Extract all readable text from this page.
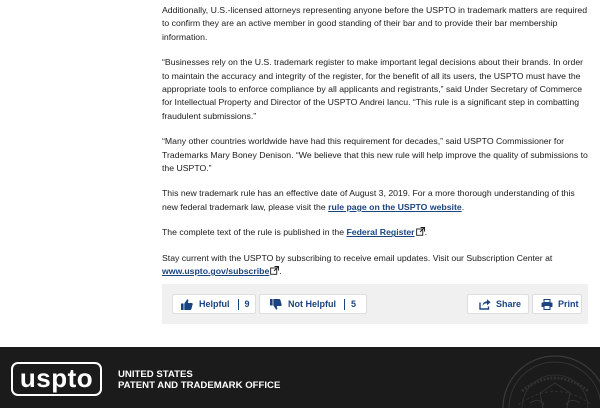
Additionally, U.S.-licensed attorneys representing anyone before the USPTO in trademark matters are required to confirm they are an active member in good standing of their bar and to provide their bar membership information.

“Businesses rely on the U.S. trademark register to make important legal decisions about their brands. In order to maintain the accuracy and integrity of the register, for the benefit of all its users, the USPTO must have the appropriate tools to enforce compliance by all applicants and registrants,” said Under Secretary of Commerce for Intellectual Property and Director of the USPTO Andrei Iancu. “This rule is a significant step in combatting fraudulent submissions.”

“Many other countries worldwide have had this requirement for decades,” said USPTO Commissioner for Trademarks Mary Boney Denison. “We believe that this new rule will help improve the quality of submissions to the USPTO.”

This new trademark rule has an effective date of August 3, 2019. For a more thorough understanding of this new federal trademark law, please visit the rule page on the USPTO website.

The complete text of the rule is published in the Federal Register .

Stay current with the USPTO by subscribing to receive email updates. Visit our Subscription Center at www.uspto.gov/subscribe .

Helpful 9	Not Helpful 5	Share	Print
uspto	UNITED STATES
PATENT AND TRADEMARK OFFICE
